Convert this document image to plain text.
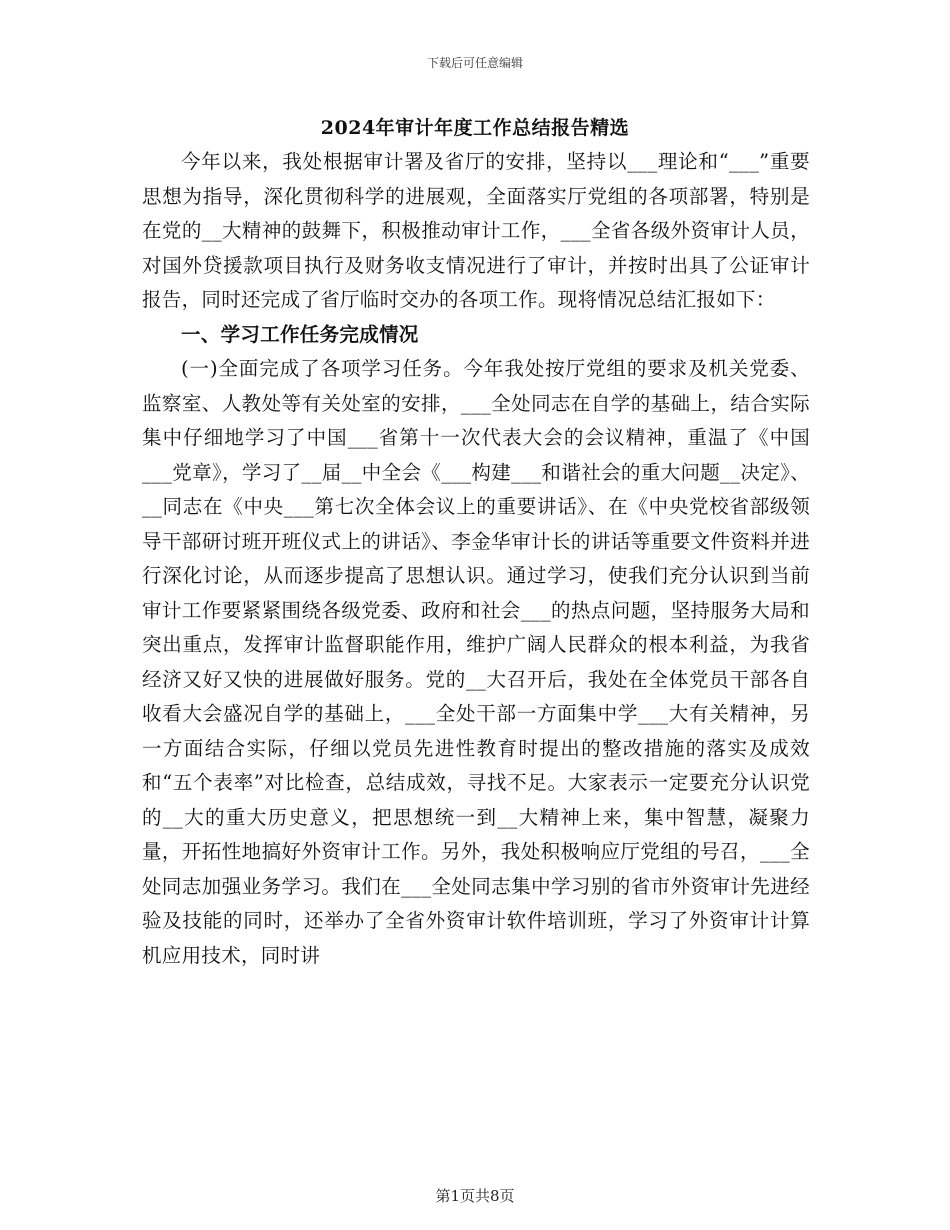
下载后可任意编辑
2024年审计年度工作总结报告精选

今年以来，我处根据审计署及省厅的安排，坚持以___理论和“___”重要思想为指导，深化贯彻科学的进展观，全面落实厅党组的各项部署，特别是在党的__大精神的鼓舞下，积极推动审计工作，___全省各级外资审计人员，对国外贷援款项目执行及财务收支情况进行了审计，并按时出具了公证审计报告，同时还完成了省厅临时交办的各项工作。现将情况总结汇报如下：

一、学习工作任务完成情况

(一)全面完成了各项学习任务。今年我处按厅党组的要求及机关党委、监察室、人教处等有关处室的安排，___全处同志在自学的基础上，结合实际集中仔细地学习了中国___省第十一次代表大会的会议精神，重温了《中国___党章》，学习了__届__中全会《___构建___和谐社会的重大问题__决定》、__同志在《中央___第七次全体会议上的重要讲话》、在《中央党校省部级领导干部研讨班开班仪式上的讲话》、李金华审计长的讲话等重要文件资料并进行深化讨论，从而逐步提高了思想认识。通过学习，使我们充分认识到当前审计工作要紧紧围绕各级党委、政府和社会___的热点问题，坚持服务大局和突出重点，发挥审计监督职能作用，维护广阔人民群众的根本利益，为我省经济又好又快的进展做好服务。党的__大召开后，我处在全体党员干部各自收看大会盛况自学的基础上，___全处干部一方面集中学___大有关精神，另一方面结合实际，仔细以党员先进性教育时提出的整改措施的落实及成效和“五个表率”对比检查，总结成效，寻找不足。大家表示一定要充分认识党的__大的重大历史意义，把思想统一到__大精神上来，集中智慧，凝聚力量，开拓性地搞好外资审计工作。另外，我处积极响应厅党组的号召，___全处同志加强业务学习。我们在___全处同志集中学习别的省市外资审计先进经验及技能的同时，还举办了全省外资审计软件培训班，学习了外资审计计算机应用技术，同时讲

第1页共8页
